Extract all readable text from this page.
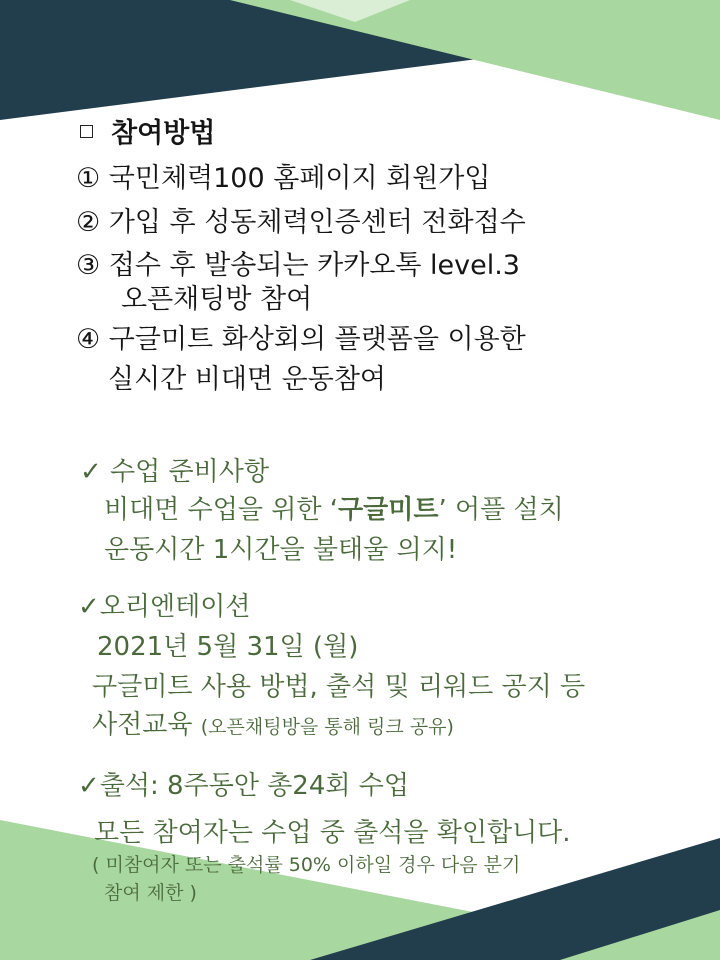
참여방법
① 국민체력100 홈페이지 회원가입
② 가입 후 성동체력인증센터 전화접수
③ 접수 후 발송되는 카카오톡 level.3
오픈채팅방 참여
④ 구글미트 화상회의 플랫폼을 이용한
실시간 비대면 운동참여
✓ 수업 준비사항
비대면 수업을 위한 ‘구글미트’ 어플 설치
운동시간 1시간을 불태울 의지!
✓오리엔테이션
2021년 5월 31일 (월)
구글미트 사용 방법, 출석 및 리워드 공지 등
사전교육 (오픈채팅방을 통해 링크 공유)
✓출석: 8주동안 총24회 수업
모든 참여자는 수업 중 출석을 확인합니다.
( 미참여자 또는 출석률 50% 이하일 경우 다음 분기
참여 제한 )
